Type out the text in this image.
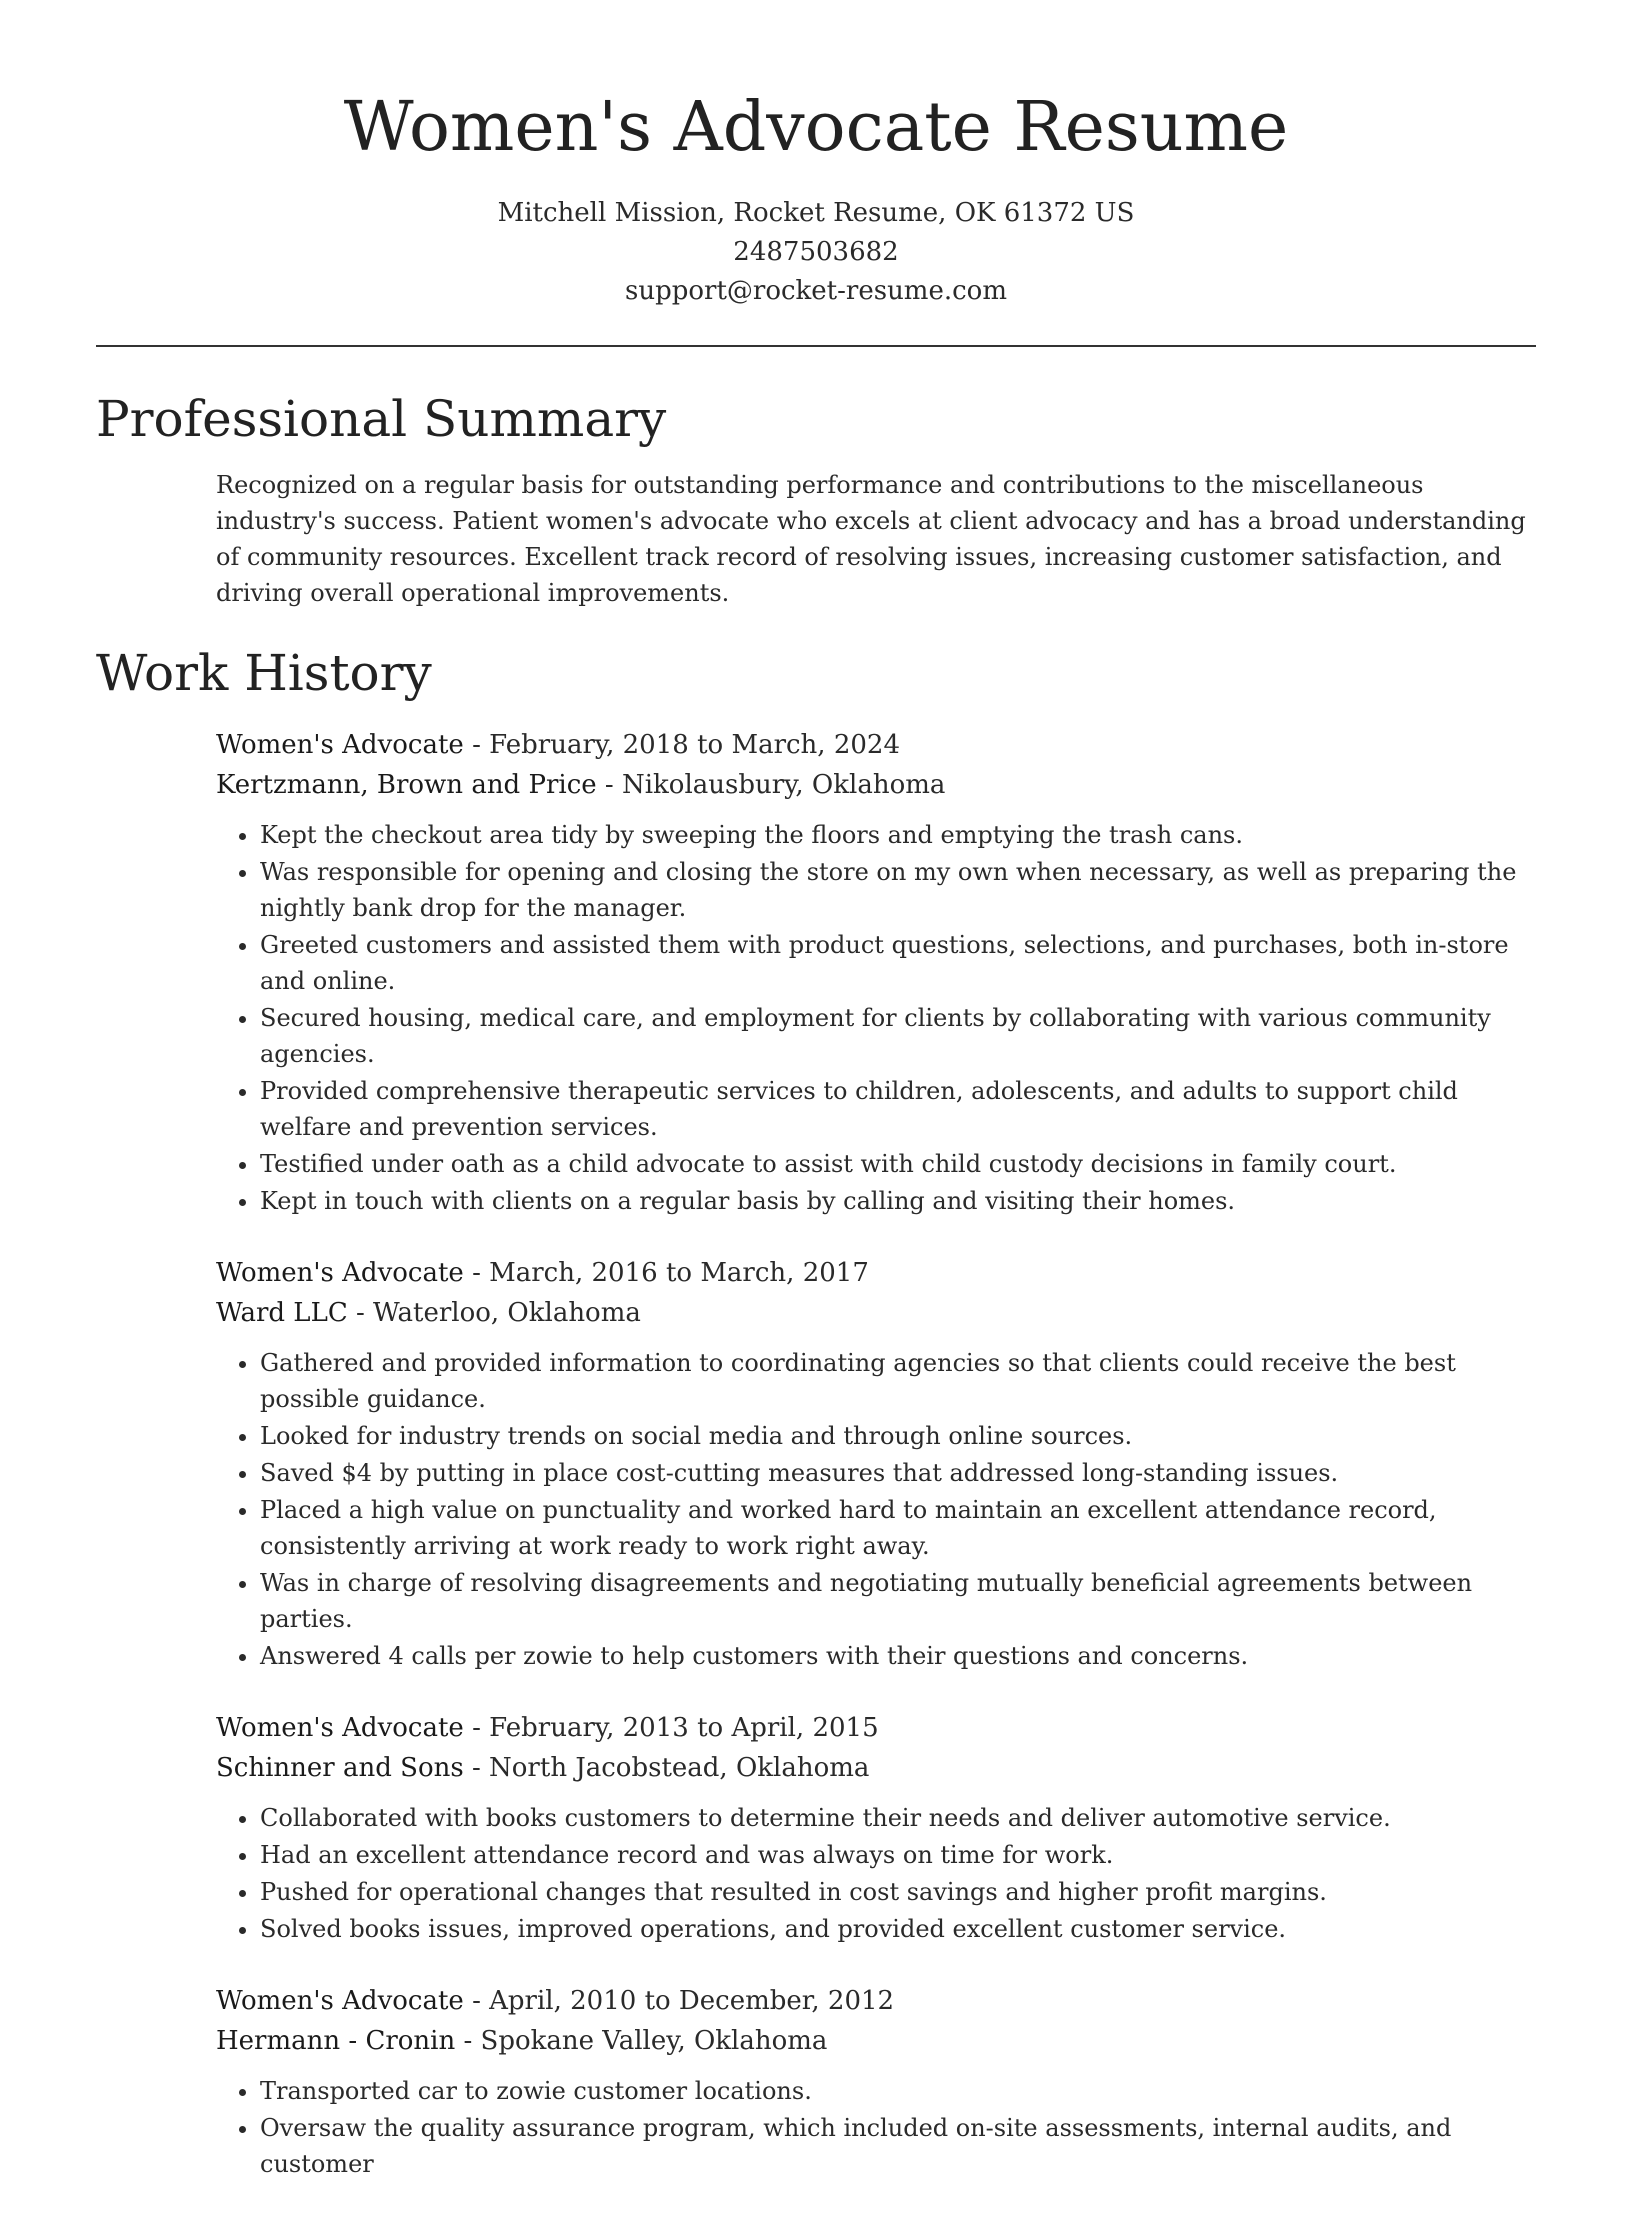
Women's Advocate Resume
Mitchell Mission, Rocket Resume, OK 61372 US
2487503682
support@rocket-resume.com
Professional Summary

Recognized on a regular basis for outstanding performance and contributions to the miscellaneous industry's success. Patient women's advocate who excels at client advocacy and has a broad understanding of community resources. Excellent track record of resolving issues, increasing customer satisfaction, and driving overall operational improvements.

Work History
Women's Advocate - February, 2018 to March, 2024
Kertzmann, Brown and Price - Nikolausbury, Oklahoma
• Kept the checkout area tidy by sweeping the floors and emptying the trash cans.
• Was responsible for opening and closing the store on my own when necessary, as well as preparing the nightly bank drop for the manager.
• Greeted customers and assisted them with product questions, selections, and purchases, both in-store and online.
• Secured housing, medical care, and employment for clients by collaborating with various community agencies.
• Provided comprehensive therapeutic services to children, adolescents, and adults to support child welfare and prevention services.
• Testified under oath as a child advocate to assist with child custody decisions in family court.
• Kept in touch with clients on a regular basis by calling and visiting their homes.
Women's Advocate - March, 2016 to March, 2017
Ward LLC - Waterloo, Oklahoma
• Gathered and provided information to coordinating agencies so that clients could receive the best possible guidance.
• Looked for industry trends on social media and through online sources.
• Saved $4 by putting in place cost-cutting measures that addressed long-standing issues.
• Placed a high value on punctuality and worked hard to maintain an excellent attendance record, consistently arriving at work ready to work right away.
• Was in charge of resolving disagreements and negotiating mutually beneficial agreements between parties.
• Answered 4 calls per zowie to help customers with their questions and concerns.
Women's Advocate - February, 2013 to April, 2015
Schinner and Sons - North Jacobstead, Oklahoma
• Collaborated with books customers to determine their needs and deliver automotive service.
• Had an excellent attendance record and was always on time for work.
• Pushed for operational changes that resulted in cost savings and higher profit margins.
• Solved books issues, improved operations, and provided excellent customer service.
Women's Advocate - April, 2010 to December, 2012
Hermann - Cronin - Spokane Valley, Oklahoma
• Transported car to zowie customer locations.
• Oversaw the quality assurance program, which included on-site assessments, internal audits, and customer
